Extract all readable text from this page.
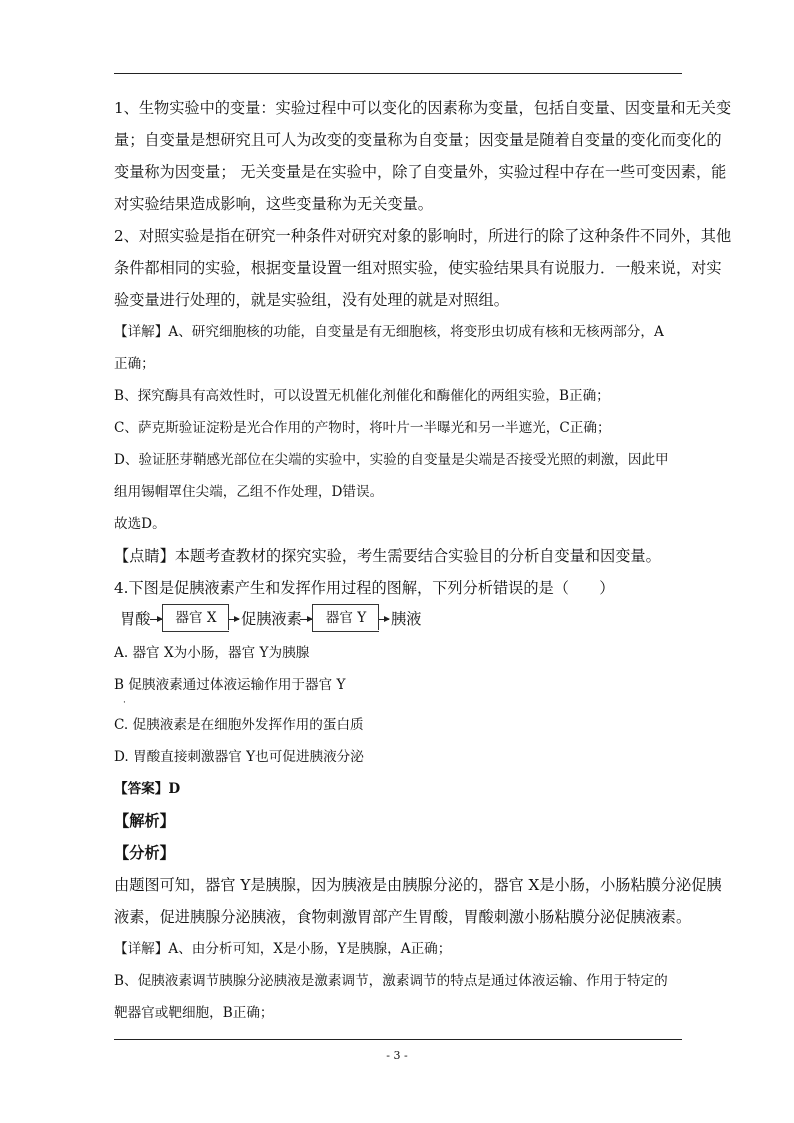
1、生物实验中的变量：实验过程中可以变化的因素称为变量，包括自变量、因变量和无关变
量；自变量是想研究且可人为改变的变量称为自变量；因变量是随着自变量的变化而变化的
变量称为因变量； 无关变量是在实验中，除了自变量外，实验过程中存在一些可变因素，能
对实验结果造成影响，这些变量称为无关变量。
2、对照实验是指在研究一种条件对研究对象的影响时，所进行的除了这种条件不同外，其他
条件都相同的实验，根据变量设置一组对照实验，使实验结果具有说服力．一般来说，对实
验变量进行处理的，就是实验组，没有处理的就是对照组。
【详解】A、研究细胞核的功能，自变量是有无细胞核，将变形虫切成有核和无核两部分，A
正确；
B、探究酶具有高效性时，可以设置无机催化剂催化和酶催化的两组实验，B正确；
C、萨克斯验证淀粉是光合作用的产物时，将叶片一半曝光和另一半遮光，C正确；
D、验证胚芽鞘感光部位在尖端的实验中，实验的自变量是尖端是否接受光照的刺激，因此甲
组用锡帽罩住尖端，乙组不作处理，D错误。
故选D。
【点睛】本题考查教材的探究实验，考生需要结合实验目的分析自变量和因变量。
4.下图是促胰液素产生和发挥作用过程的图解，下列分析错误的是（　　）
胃酸	器官 X	促胰液素	器官 Y	胰液
A. 器官 X为小肠，器官 Y为胰腺
B 促胰液素通过体液运输作用于器官 Y
·
C. 促胰液素是在细胞外发挥作用的蛋白质
D. 胃酸直接刺激器官 Y也可促进胰液分泌
【答案】D
【解析】
【分析】
由题图可知，器官 Y是胰腺，因为胰液是由胰腺分泌的，器官 X是小肠，小肠粘膜分泌促胰
液素，促进胰腺分泌胰液，食物刺激胃部产生胃酸，胃酸刺激小肠粘膜分泌促胰液素。
【详解】A、由分析可知，X是小肠，Y是胰腺，A正确；
B、促胰液素调节胰腺分泌胰液是激素调节，激素调节的特点是通过体液运输、作用于特定的
靶器官或靶细胞，B正确；
- 3 -
